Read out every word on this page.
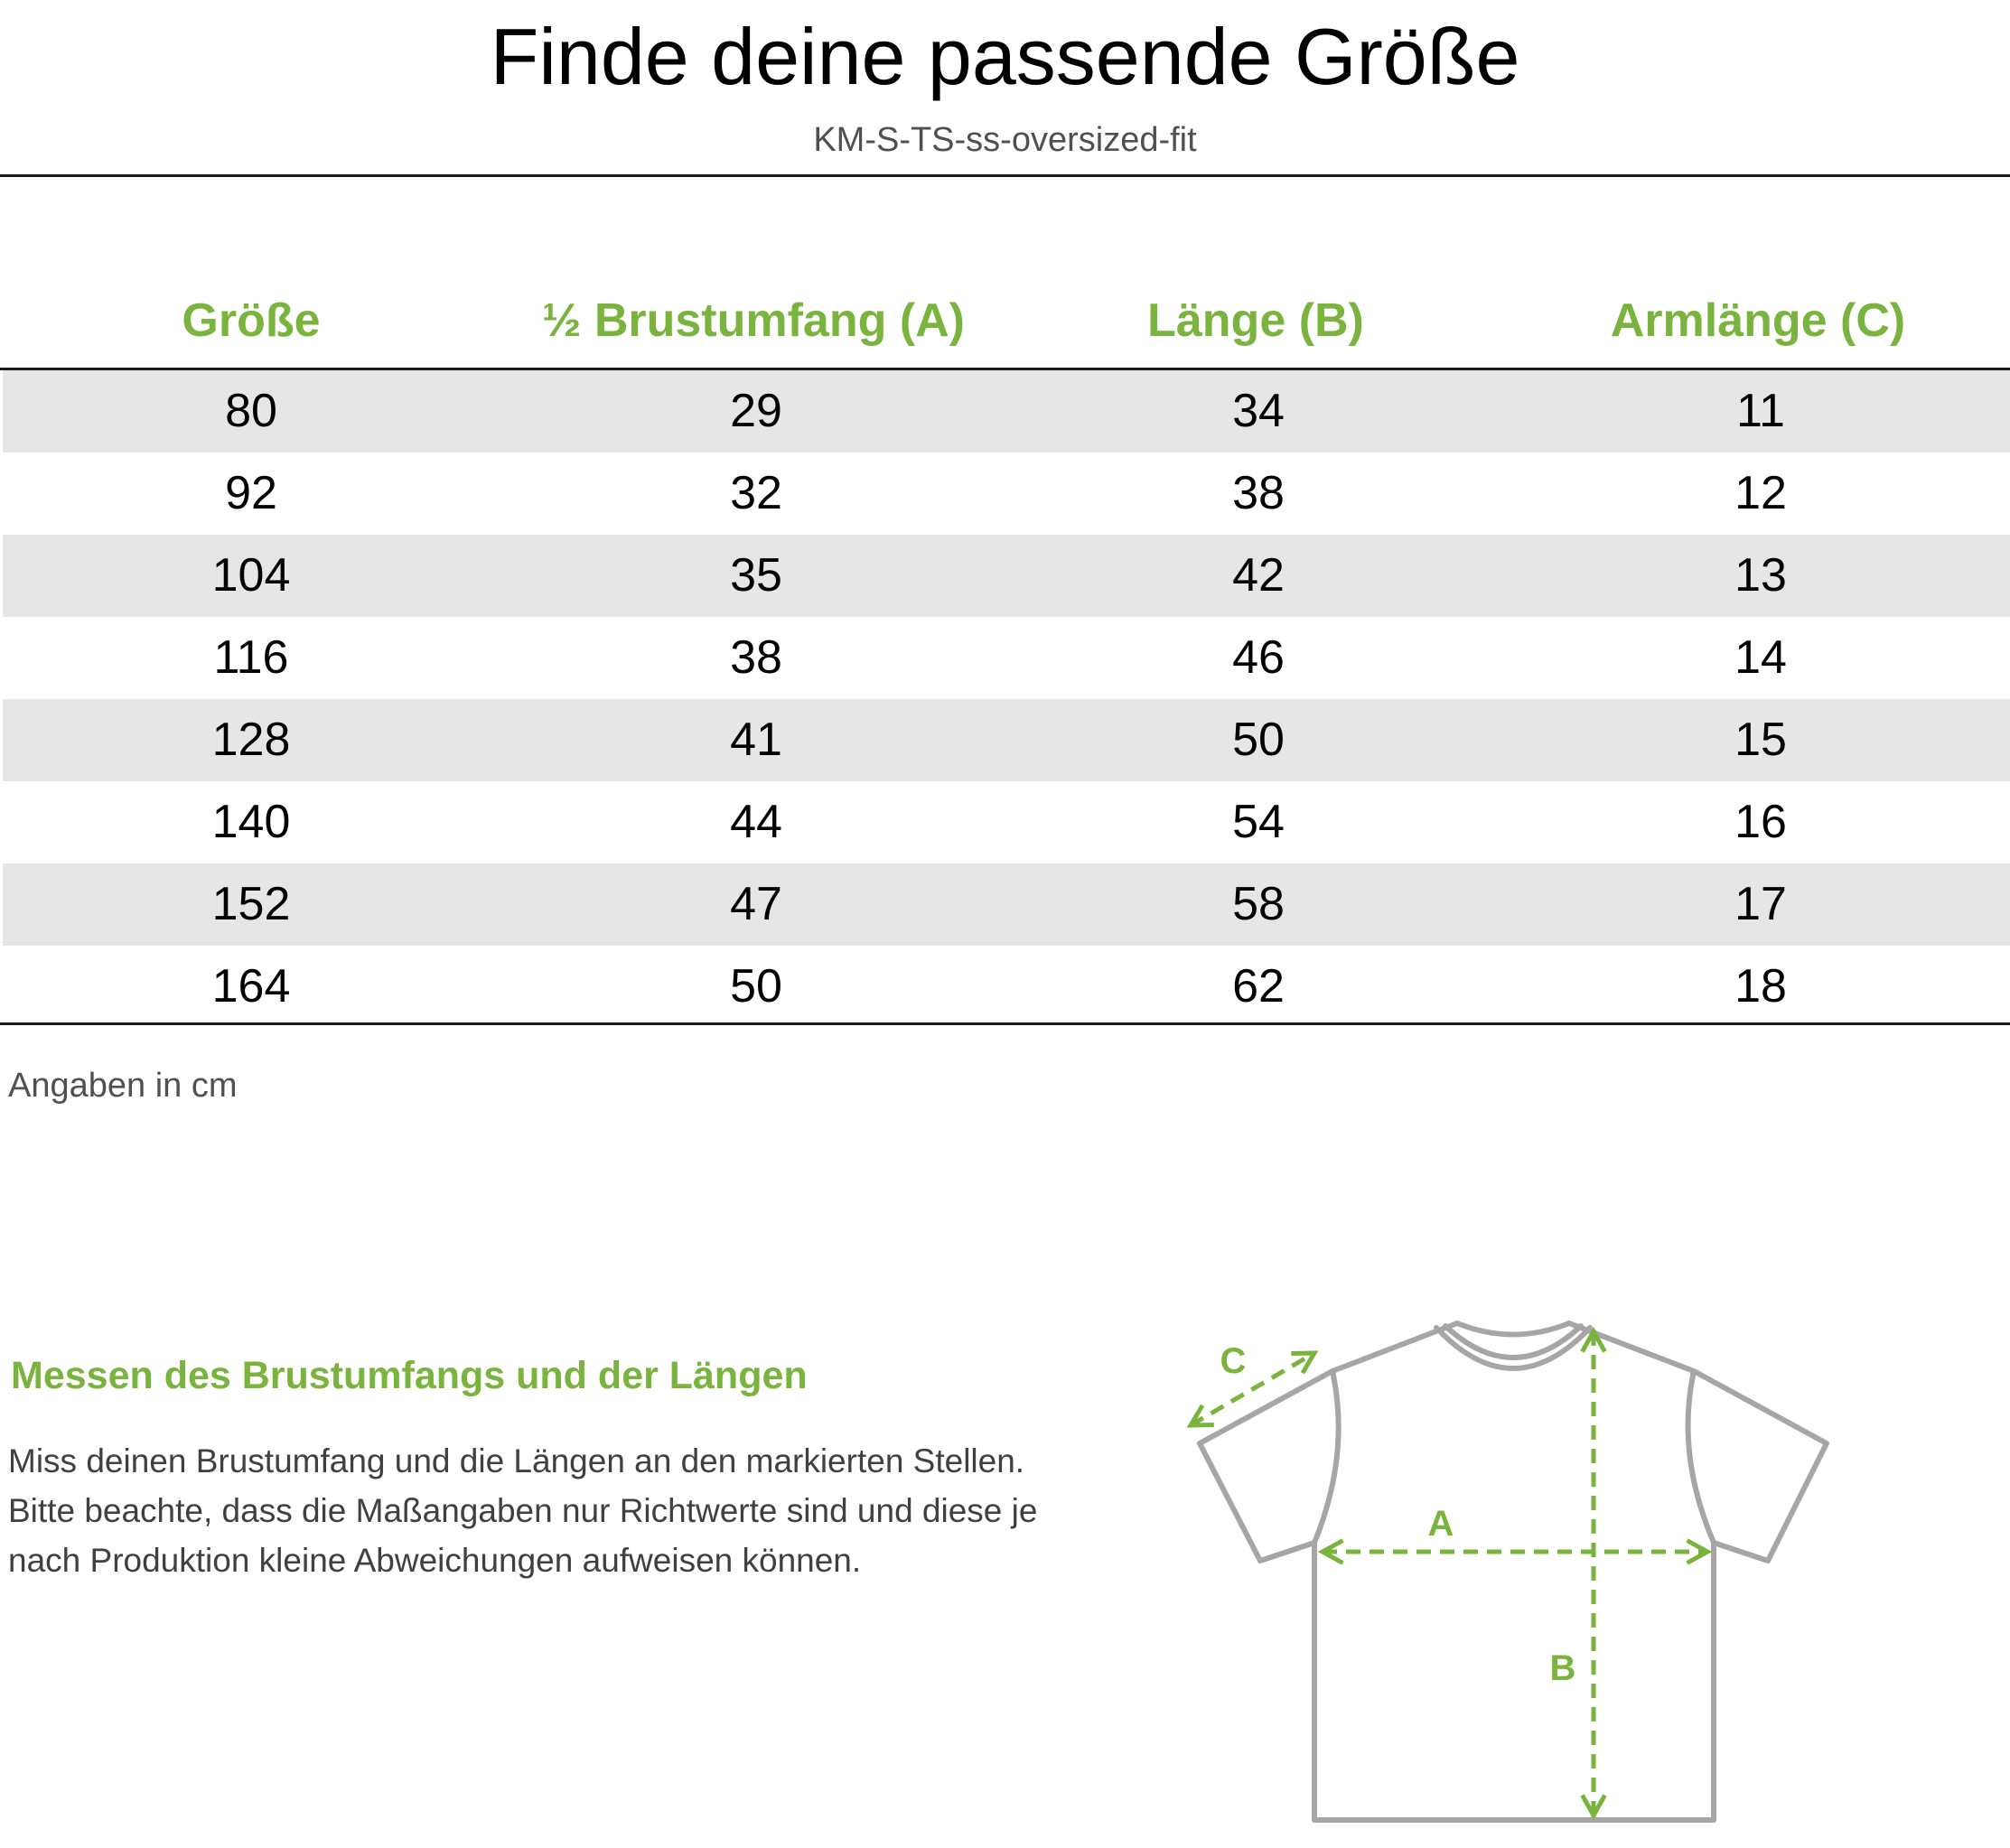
Finde deine passende Größe
KM-S-TS-ss-oversized-fit
Größe	½ Brustumfang (A)	Länge (B)	Armlänge (C)
80	29	34	11
92	32	38	12
104	35	42	13
116	38	46	14
128	41	50	15
140	44	54	16
152	47	58	17
164	50	62	18
Angaben in cm
Messen des Brustumfangs und der Längen

Miss deinen Brustumfang und die Längen an den markierten Stellen.

Bitte beachte, dass die Maßangaben nur Richtwerte sind und diese je nach Produktion kleine Abweichungen aufweisen können.

A
B
C
